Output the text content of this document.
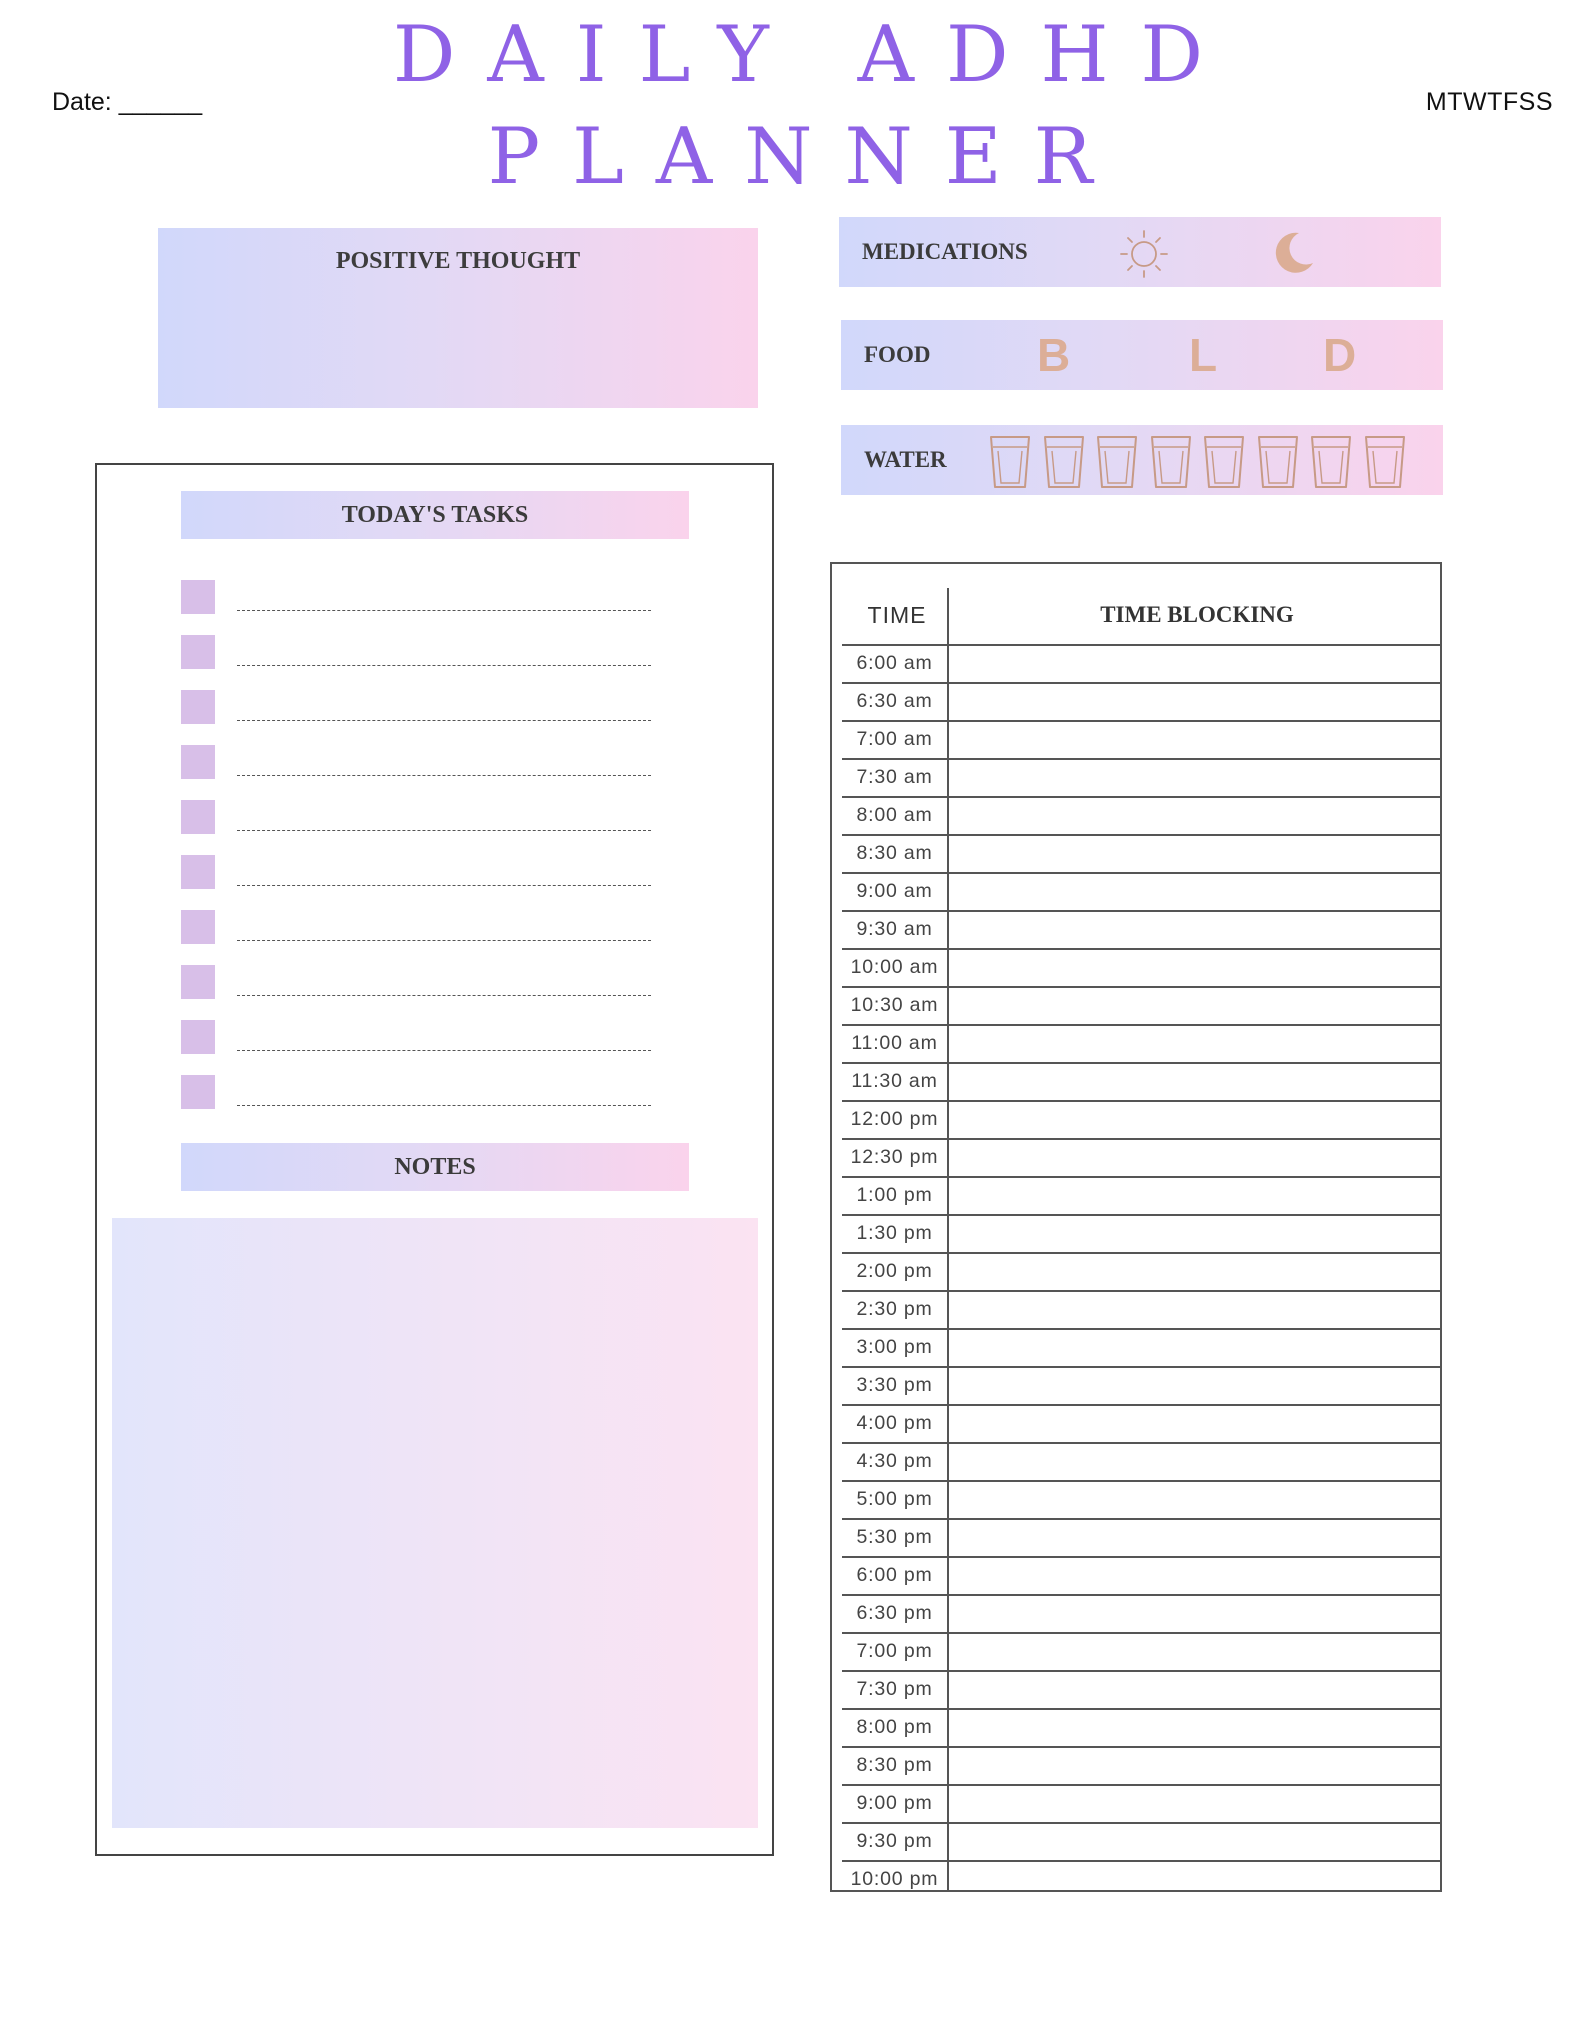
Date: ______	MTWTFSS
DAILY ADHD
PLANNER
POSITIVE THOUGHT	MEDICATIONS
FOOD B	L D
WATER
TODAY'S TASKS
NOTES
TIME	TIME BLOCKING
6:00 am
6:30 am
7:00 am
7:30 am
8:00 am
8:30 am
9:00 am
9:30 am
10:00 am
10:30 am
11:00 am
11:30 am
12:00 pm
12:30 pm
1:00 pm
1:30 pm
2:00 pm
2:30 pm
3:00 pm
3:30 pm
4:00 pm
4:30 pm
5:00 pm
5:30 pm
6:00 pm
6:30 pm
7:00 pm
7:30 pm
8:00 pm
8:30 pm
9:00 pm
9:30 pm
10:00 pm
